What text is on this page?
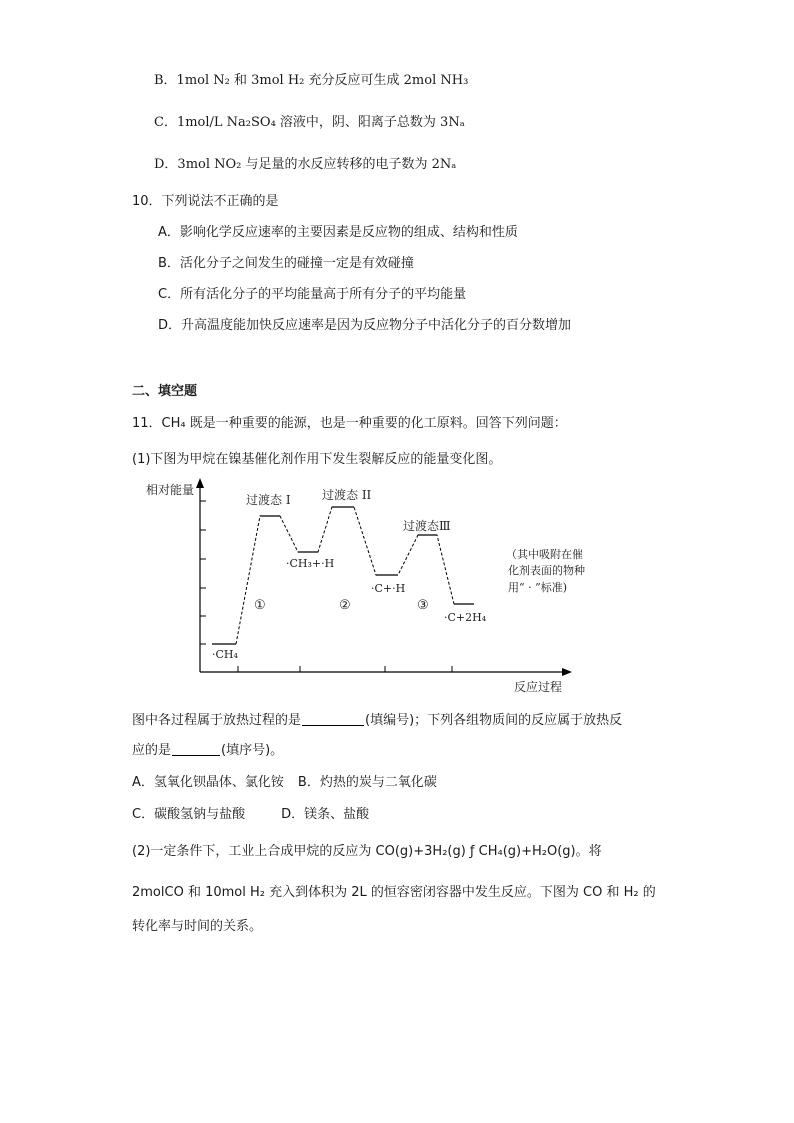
B．1mol N₂ 和 3mol H₂ 充分反应可生成 2mol NH₃
C．1mol/L Na₂SO₄ 溶液中，阴、阳离子总数为 3Nₐ
D．3mol NO₂ 与足量的水反应转移的电子数为 2Nₐ
10．下列说法不正确的是
A．影响化学反应速率的主要因素是反应物的组成、结构和性质
B．活化分子之间发生的碰撞一定是有效碰撞
C．所有活化分子的平均能量高于所有分子的平均能量
D．升高温度能加快反应速率是因为反应物分子中活化分子的百分数增加
二、填空题
11．CH₄ 既是一种重要的能源，也是一种重要的化工原料。回答下列问题：
(1)下图为甲烷在镍基催化剂作用下发生裂解反应的能量变化图。
相对能量
反应过程
过渡态 I	过渡态 II
过渡态Ⅲ
·CH₄
·CH₃+·H
·C+·H
·C+2H₄
①	②	③
（其中吸附在催
化剂表面的物种
用“ · ”标准)
图中各过程属于放热过程的是	(填编号)；下列各组物质间的反应属于放热反
应的是	(填序号)。
A．氢氧化钡晶体、氯化铵 B．灼热的炭与二氧化碳
C．碳酸氢钠与盐酸	D．镁条、盐酸
(2)一定条件下，工业上合成甲烷的反应为 CO(g)+3H₂(g) ƒ CH₄(g)+H₂O(g)。将
2molCO 和 10mol H₂ 充入到体积为 2L 的恒容密闭容器中发生反应。下图为 CO 和 H₂ 的
转化率与时间的关系。
